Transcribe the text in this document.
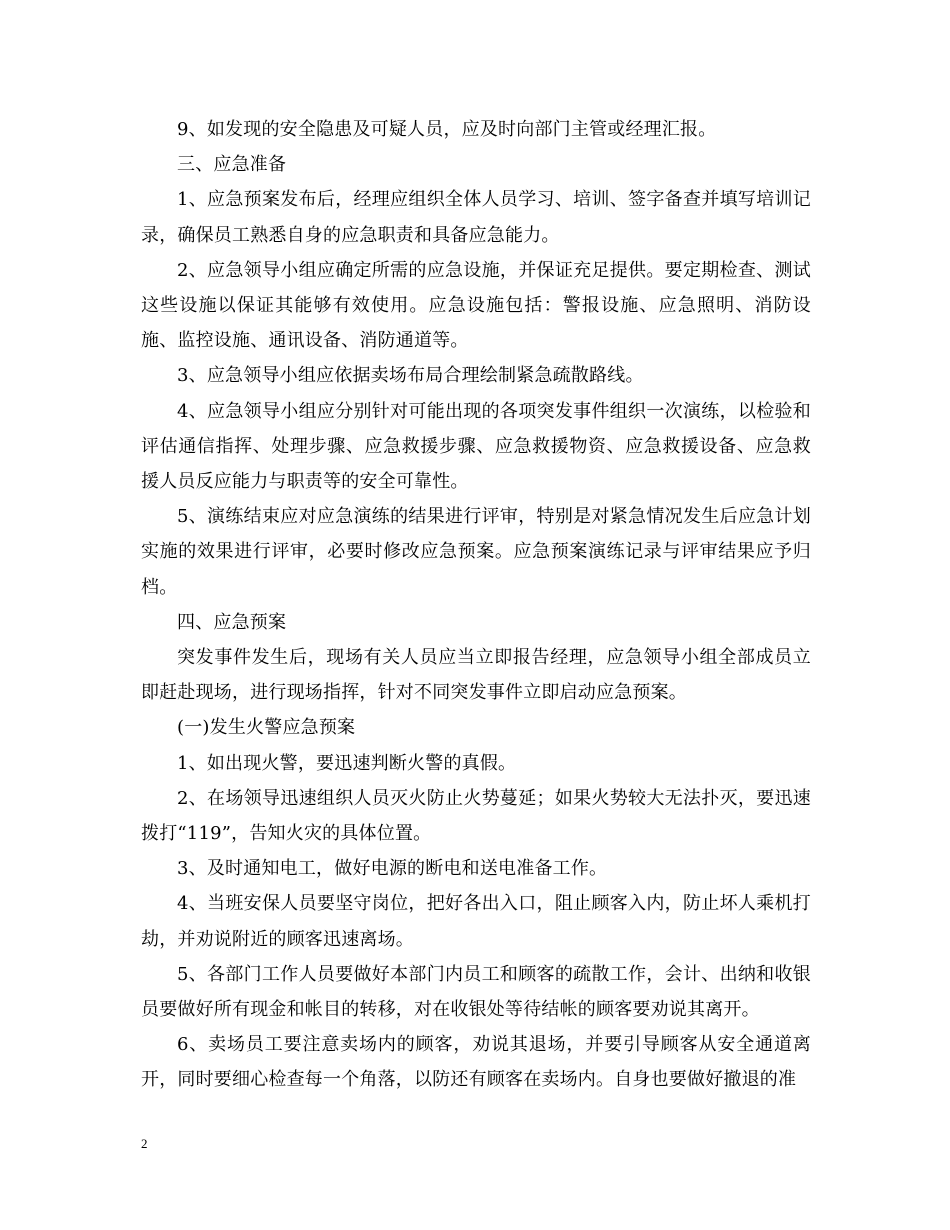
9、如发现的安全隐患及可疑人员，应及时向部门主管或经理汇报。

三、应急准备

1、应急预案发布后，经理应组织全体人员学习、培训、签字备查并填写培训记录，确保员工熟悉自身的应急职责和具备应急能力。

2、应急领导小组应确定所需的应急设施，并保证充足提供。要定期检查、测试这些设施以保证其能够有效使用。应急设施包括：警报设施、应急照明、消防设施、监控设施、通讯设备、消防通道等。

3、应急领导小组应依据卖场布局合理绘制紧急疏散路线。

4、应急领导小组应分别针对可能出现的各项突发事件组织一次演练，以检验和评估通信指挥、处理步骤、应急救援步骤、应急救援物资、应急救援设备、应急救援人员反应能力与职责等的安全可靠性。

5、演练结束应对应急演练的结果进行评审，特别是对紧急情况发生后应急计划实施的效果进行评审，必要时修改应急预案。应急预案演练记录与评审结果应予归档。

四、应急预案

突发事件发生后，现场有关人员应当立即报告经理，应急领导小组全部成员立即赶赴现场，进行现场指挥，针对不同突发事件立即启动应急预案。

(一)发生火警应急预案

1、如出现火警，要迅速判断火警的真假。

2、在场领导迅速组织人员灭火防止火势蔓延；如果火势较大无法扑灭，要迅速拨打“119”，告知火灾的具体位置。

3、及时通知电工，做好电源的断电和送电准备工作。

4、当班安保人员要坚守岗位，把好各出入口，阻止顾客入内，防止坏人乘机打劫，并劝说附近的顾客迅速离场。

5、各部门工作人员要做好本部门内员工和顾客的疏散工作，会计、出纳和收银员要做好所有现金和帐目的转移，对在收银处等待结帐的顾客要劝说其离开。

6、卖场员工要注意卖场内的顾客，劝说其退场，并要引导顾客从安全通道离开，同时要细心检查每一个角落，以防还有顾客在卖场内。自身也要做好撤退的准

2
